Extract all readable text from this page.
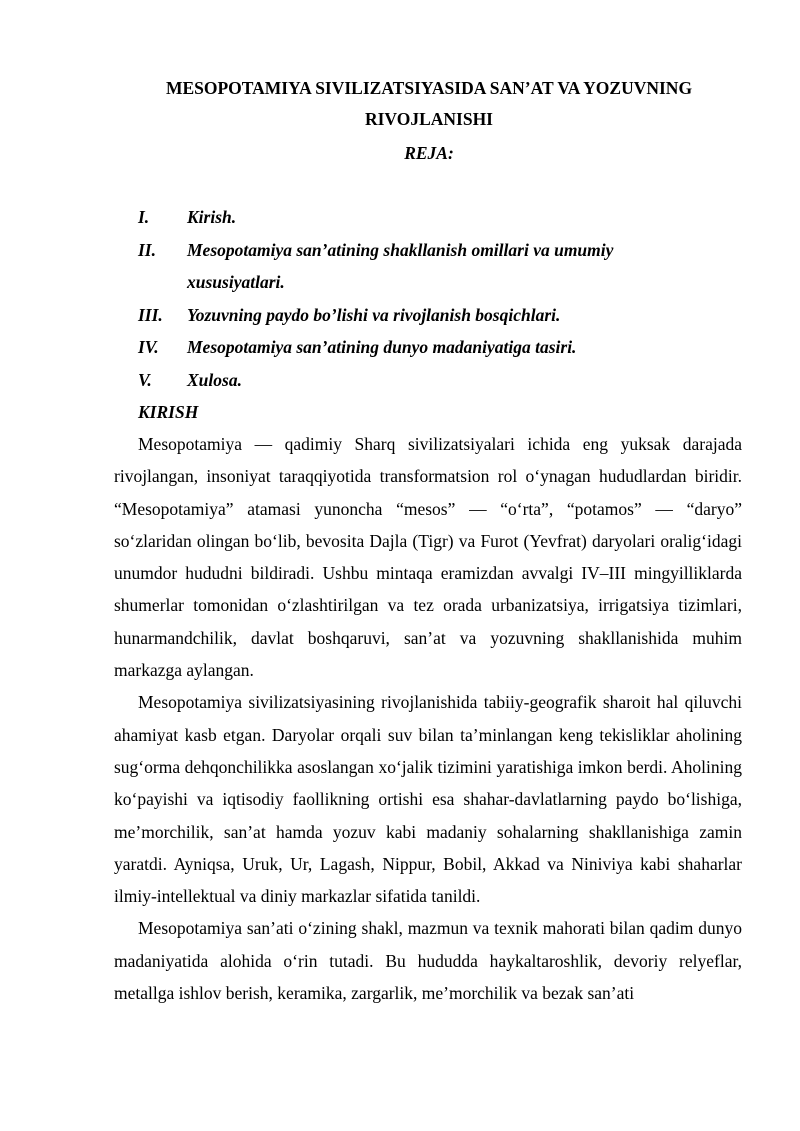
MESOPOTAMIYA SIVILIZATSIYASIDA SAN’AT VA YOZUVNING
RIVOJLANISHI
REJA:
I.	Kirish.
II.	Mesopotamiya san’atining shakllanish omillari va umumiy xususiyatlari.
III.	Yozuvning paydo bo’lishi va rivojlanish bosqichlari.
IV.	Mesopotamiya san’atining dunyo madaniyatiga tasiri.
V.	Xulosa.
KIRISH

Mesopotamiya — qadimiy Sharq sivilizatsiyalari ichida eng yuksak darajada rivojlangan, insoniyat taraqqiyotida transformatsion rol o‘ynagan hududlardan biridir. “Mesopotamiya” atamasi yunoncha “mesos” — “o‘rta”, “potamos” — “daryo” so‘zlaridan olingan bo‘lib, bevosita Dajla (Tigr) va Furot (Yevfrat) daryolari oralig‘idagi unumdor hududni bildiradi. Ushbu mintaqa eramizdan avvalgi IV–III mingyilliklarda shumerlar tomonidan o‘zlashtirilgan va tez orada urbanizatsiya, irrigatsiya tizimlari, hunarmandchilik, davlat boshqaruvi, san’at va yozuvning shakllanishida muhim markazga aylangan.

Mesopotamiya sivilizatsiyasining rivojlanishida tabiiy-geografik sharoit hal qiluvchi ahamiyat kasb etgan. Daryolar orqali suv bilan ta’minlangan keng tekisliklar aholining sug‘orma dehqonchilikka asoslangan xo‘jalik tizimini yaratishiga imkon berdi. Aholining ko‘payishi va iqtisodiy faollikning ortishi esa shahar-davlatlarning paydo bo‘lishiga, me’morchilik, san’at hamda yozuv kabi madaniy sohalarning shakllanishiga zamin yaratdi. Ayniqsa, Uruk, Ur, Lagash, Nippur, Bobil, Akkad va Niniviya kabi shaharlar ilmiy-intellektual va diniy markazlar sifatida tanildi.

Mesopotamiya san’ati o‘zining shakl, mazmun va texnik mahorati bilan qadim dunyo madaniyatida alohida o‘rin tutadi. Bu hududda haykaltaroshlik, devoriy relyeflar, metallga ishlov berish, keramika, zargarlik, me’morchilik va bezak san’ati
